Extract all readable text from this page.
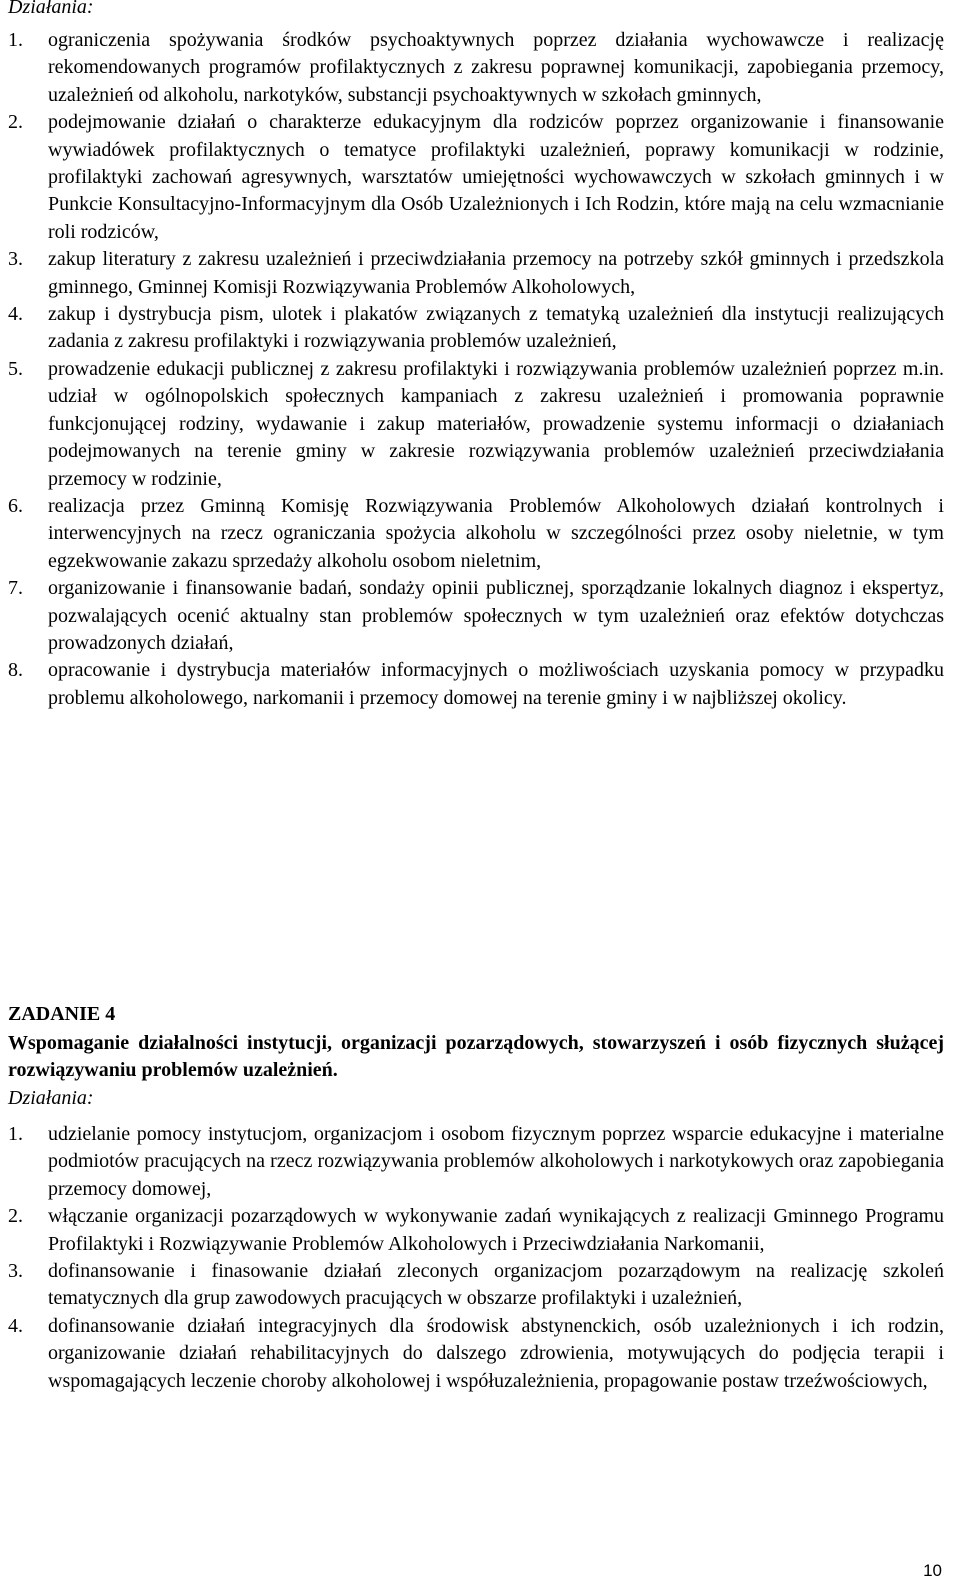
Działania:
1. ograniczenia spożywania środków psychoaktywnych poprzez działania wychowawcze i realizację rekomendowanych programów profilaktycznych z zakresu poprawnej komunikacji, zapobiegania przemocy, uzależnień od alkoholu, narkotyków, substancji psychoaktywnych w szkołach gminnych,
2. podejmowanie działań o charakterze edukacyjnym dla rodziców poprzez organizowanie i finansowanie wywiadówek profilaktycznych o tematyce profilaktyki uzależnień, poprawy komunikacji w rodzinie, profilaktyki zachowań agresywnych, warsztatów umiejętności wychowawczych w szkołach gminnych i w Punkcie Konsultacyjno-Informacyjnym dla Osób Uzależnionych i Ich Rodzin, które mają na celu wzmacnianie roli rodziców,
3. zakup literatury z zakresu uzależnień i przeciwdziałania przemocy na potrzeby szkół gminnych i przedszkola gminnego, Gminnej Komisji Rozwiązywania Problemów Alkoholowych,
4. zakup i dystrybucja pism, ulotek i plakatów związanych z tematyką uzależnień dla instytucji realizujących zadania z zakresu profilaktyki i rozwiązywania problemów uzależnień,
5. prowadzenie edukacji publicznej z zakresu profilaktyki i rozwiązywania problemów uzależnień poprzez m.in. udział w ogólnopolskich społecznych kampaniach z zakresu uzależnień i promowania poprawnie funkcjonującej rodziny, wydawanie i zakup materiałów, prowadzenie systemu informacji o działaniach podejmowanych na terenie gminy w zakresie rozwiązywania problemów uzależnień przeciwdziałania przemocy w rodzinie,
6. realizacja przez Gminną Komisję Rozwiązywania Problemów Alkoholowych działań kontrolnych i interwencyjnych na rzecz ograniczania spożycia alkoholu w szczególności przez osoby nieletnie, w tym egzekwowanie zakazu sprzedaży alkoholu osobom nieletnim,
7. organizowanie i finansowanie badań, sondaży opinii publicznej, sporządzanie lokalnych diagnoz i ekspertyz, pozwalających ocenić aktualny stan problemów społecznych w tym uzależnień oraz efektów dotychczas prowadzonych działań,
8. opracowanie i dystrybucja materiałów informacyjnych o możliwościach uzyskania pomocy w przypadku problemu alkoholowego, narkomanii i przemocy domowej na terenie gminy i w najbliższej okolicy.
ZADANIE 4
Wspomaganie działalności instytucji, organizacji pozarządowych, stowarzyszeń i osób fizycznych służącej rozwiązywaniu problemów uzależnień.
Działania:
1. udzielanie pomocy instytucjom, organizacjom i osobom fizycznym poprzez wsparcie edukacyjne i materialne podmiotów pracujących na rzecz rozwiązywania problemów alkoholowych i narkotykowych oraz zapobiegania przemocy domowej,
2. włączanie organizacji pozarządowych w wykonywanie zadań wynikających z realizacji Gminnego Programu Profilaktyki i Rozwiązywanie Problemów Alkoholowych i Przeciwdziałania Narkomanii,
3. dofinansowanie i finasowanie działań zleconych organizacjom pozarządowym na realizację szkoleń tematycznych dla grup zawodowych pracujących w obszarze profilaktyki i uzależnień,
4. dofinansowanie działań integracyjnych dla środowisk abstynenckich, osób uzależnionych i ich rodzin, organizowanie działań rehabilitacyjnych do dalszego zdrowienia, motywujących do podjęcia terapii i wspomagających leczenie choroby alkoholowej i współuzależnienia, propagowanie postaw trzeźwościowych,
10
